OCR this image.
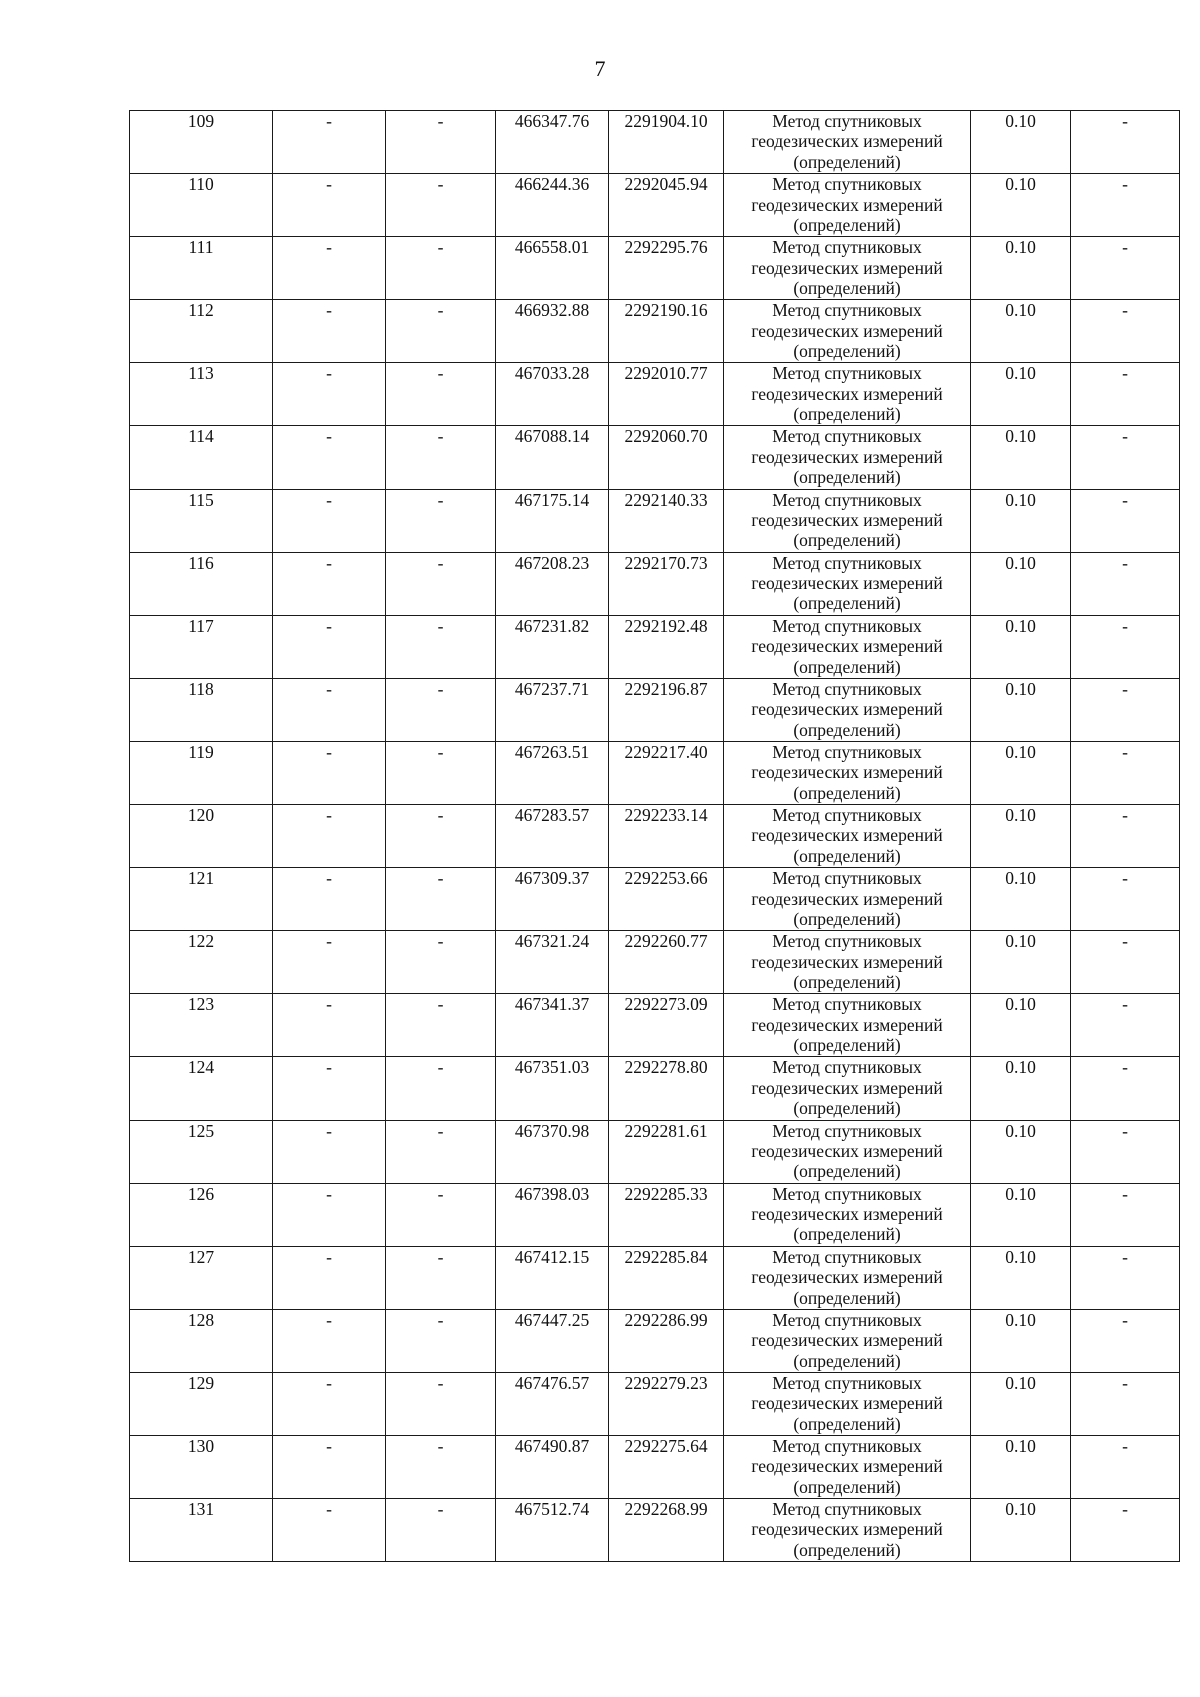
7
109	-	-	466347.76	2291904.10	Метод спутниковых
геодезических измерений
(определений)	0.10	-
110	-	-	466244.36	2292045.94	Метод спутниковых
геодезических измерений
(определений)	0.10	-
111	-	-	466558.01	2292295.76	Метод спутниковых
геодезических измерений
(определений)	0.10	-
112	-	-	466932.88	2292190.16	Метод спутниковых
геодезических измерений
(определений)	0.10	-
113	-	-	467033.28	2292010.77	Метод спутниковых
геодезических измерений
(определений)	0.10	-
114	-	-	467088.14	2292060.70	Метод спутниковых
геодезических измерений
(определений)	0.10	-
115	-	-	467175.14	2292140.33	Метод спутниковых
геодезических измерений
(определений)	0.10	-
116	-	-	467208.23	2292170.73	Метод спутниковых
геодезических измерений
(определений)	0.10	-
117	-	-	467231.82	2292192.48	Метод спутниковых
геодезических измерений
(определений)	0.10	-
118	-	-	467237.71	2292196.87	Метод спутниковых
геодезических измерений
(определений)	0.10	-
119	-	-	467263.51	2292217.40	Метод спутниковых
геодезических измерений
(определений)	0.10	-
120	-	-	467283.57	2292233.14	Метод спутниковых
геодезических измерений
(определений)	0.10	-
121	-	-	467309.37	2292253.66	Метод спутниковых
геодезических измерений
(определений)	0.10	-
122	-	-	467321.24	2292260.77	Метод спутниковых
геодезических измерений
(определений)	0.10	-
123	-	-	467341.37	2292273.09	Метод спутниковых
геодезических измерений
(определений)	0.10	-
124	-	-	467351.03	2292278.80	Метод спутниковых
геодезических измерений
(определений)	0.10	-
125	-	-	467370.98	2292281.61	Метод спутниковых
геодезических измерений
(определений)	0.10	-
126	-	-	467398.03	2292285.33	Метод спутниковых
геодезических измерений
(определений)	0.10	-
127	-	-	467412.15	2292285.84	Метод спутниковых
геодезических измерений
(определений)	0.10	-
128	-	-	467447.25	2292286.99	Метод спутниковых
геодезических измерений
(определений)	0.10	-
129	-	-	467476.57	2292279.23	Метод спутниковых
геодезических измерений
(определений)	0.10	-
130	-	-	467490.87	2292275.64	Метод спутниковых
геодезических измерений
(определений)	0.10	-
131	-	-	467512.74	2292268.99	Метод спутниковых
геодезических измерений
(определений)	0.10	-
